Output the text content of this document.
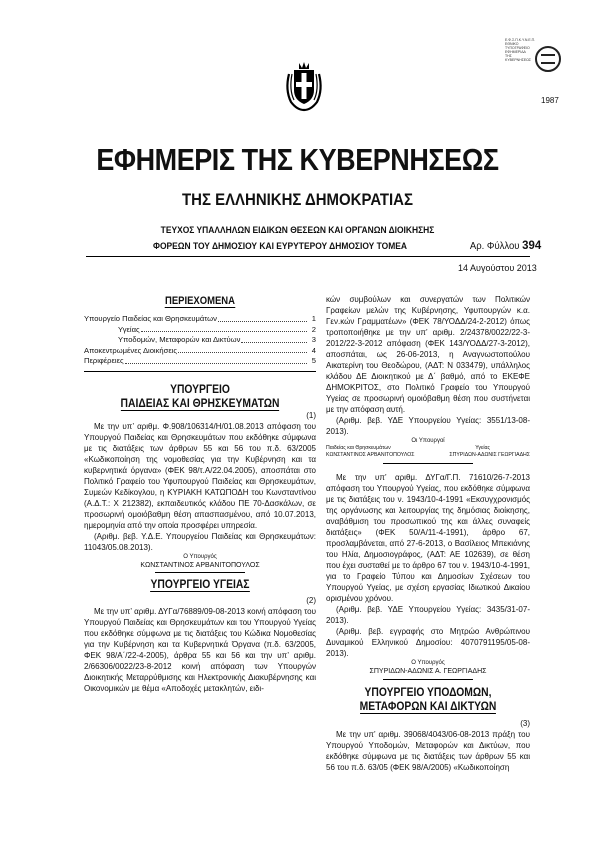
Ε.Φ.Σ.Π.Κ.Υ.Ν.Ε.Π.
ΕΘΝΙΚΟ
ΤΥΠΟΓΡΑΦΕΙΟ
ΕΦΗΜΕΡΙΔΑ
ΤΗΣ
ΚΥΒΕΡΝΗΣΕΩΣ
1987
ΕΦΗΜΕΡΙΣ ΤΗΣ ΚΥΒΕΡΝΗΣΕΩΣ
ΤΗΣ ΕΛΛΗΝΙΚΗΣ ΔΗΜΟΚΡΑΤΙΑΣ
ΤΕΥΧΟΣ ΥΠΑΛΛΗΛΩΝ ΕΙΔΙΚΩΝ ΘΕΣΕΩΝ ΚΑΙ ΟΡΓΑΝΩΝ ΔΙΟΙΚΗΣΗΣ
ΦΟΡΕΩΝ ΤΟΥ ΔΗΜΟΣΙΟΥ ΚΑΙ ΕΥΡΥΤΕΡΟΥ ΔΗΜΟΣΙΟΥ ΤΟΜΕΑ	Αρ. Φύλλου 394
14 Αυγούστου 2013
ΠΕΡΙΕΧΟΜΕΝΑ
Υπουργείο Παιδείας και Θρησκευμάτων	1
Υγείας	2
Υποδομών, Μεταφορών και Δικτύων	3
Αποκεντρωμένες Διοικήσεις	4
Περιφέρειες	5
ΥΠΟΥΡΓΕΙΟ
ΠΑΙΔΕΙΑΣ ΚΑΙ ΘΡΗΣΚΕΥΜΑΤΩΝ
(1)

Με την υπ’ αριθμ. Φ.908/106314/Η/01.08.2013 απόφαση του Υπουργού Παιδείας και Θρησκευμάτων που εκδόθηκε σύμφωνα με τις διατάξεις των άρθρων 55 και 56 του π.δ. 63/2005 «Κωδικοποίηση της νομοθεσίας για την Κυβέρνηση και τα κυβερνητικά όργανα» (ΦΕΚ 98/τ.Α/22.04.2005), αποσπάται στο Πολιτικό Γραφείο του Υφυπουργού Παιδείας και Θρησκευμάτων, Συμεών Κεδίκογλου, η ΚΥΡΙΑΚΗ ΚΑΤΩΠΟΔΗ του Κωνσταντίνου (Α.Δ.Τ.: Χ 212382), εκπαιδευτικός κλάδου ΠΕ 70-Δασκάλων, σε προσωρινή ομοιόβαθμη θέση απασπασμένου, από 10.07.2013, ημερομηνία από την οποία προσφέρει υπηρεσία.

(Αριθμ. βεβ. Υ.Δ.Ε. Υπουργείου Παιδείας και Θρησκευμάτων: 11043/05.08.2013).

Ο Υπουργός
ΚΩΝΣΤΑΝΤΙΝΟΣ ΑΡΒΑΝΙΤΟΠΟΥΛΟΣ
ΥΠΟΥΡΓΕΙΟ ΥΓΕΙΑΣ
(2)

Με την υπ’ αριθμ. ΔΥΓα/76889/09-08-2013 κοινή απόφαση του Υπουργού Παιδείας και Θρησκευμάτων και του Υπουργού Υγείας που εκδόθηκε σύμφωνα με τις διατάξεις του Κώδικα Νομοθεσίας για την Κυβέρνηση και τα Κυβερνητικά Όργανα (π.δ. 63/2005, ΦΕΚ 98/Α΄/22-4-2005), άρθρα 55 και 56 και την υπ’ αριθμ. 2/66306/0022/23-8-2012 κοινή απόφαση των Υπουργών Διοικητικής Μεταρρύθμισης και Ηλεκτρονικής Διακυβέρνησης και Οικονομικών με θέμα «Αποδοχές μετακλητών, ειδι-

κών συμβούλων και συνεργατών των Πολιτικών Γραφείων μελών της Κυβέρνησης, Υφυπουργών κ.α. Γεν.κών Γραμματέων» (ΦΕΚ 78/ΥΟΔΔ/24-2-2012) όπως τροποποιήθηκε με την υπ’ αριθμ. 2/24378/0022/22-3-2012/22-3-2012 απόφαση (ΦΕΚ 143/ΥΟΔΔ/27-3-2012), αποσπάται, ως 26-06-2013, η Αναγνωστοπούλου Αικατερίνη του Θεοδώρου, (ΑΔΤ: Ν 033479), υπάλληλος κλάδου ΔΕ Διοικητικού με Δ΄ βαθμό, από το ΕΚΕΦΕ ΔΗΜΟΚΡΙΤΟΣ, στο Πολιτικό Γραφείο του Υπουργού Υγείας σε προσωρινή ομοιόβαθμη θέση που συστήνεται με την απόφαση αυτή.

(Αριθμ. βεβ. ΥΔΕ Υπουργείου Υγείας: 3551/13-08-2013).

Οι Υπουργοί
Παιδείας και Θρησκευμάτων	Υγείας
ΚΩΝΣΤΑΝΤΙΝΟΣ ΑΡΒΑΝΙΤΟΠΟΥΛΟΣ	ΣΠΥΡΙΔΩΝ-ΑΔΩΝΙΣ ΓΕΩΡΓΙΑΔΗΣ

Με την υπ’ αριθμ. ΔΥΓα/Γ.Π. 71610/26-7-2013 απόφαση του Υπουργού Υγείας, που εκδόθηκε σύμφωνα με τις διατάξεις του ν. 1943/10-4-1991 «Εκσυγχρονισμός της οργάνωσης και λειτουργίας της δημόσιας διοίκησης, αναβάθμιση του προσωπικού της και άλλες συναφείς διατάξεις» (ΦΕΚ 50/Α/11-4-1991), άρθρο 67, προσλαμβάνεται, από 27-6-2013, ο Βασίλειος Μπεκιάνης του Ηλία, Δημοσιογράφος, (ΑΔΤ: ΑΕ 102639), σε θέση που έχει συσταθεί με το άρθρο 67 του ν. 1943/10-4-1991, για το Γραφείο Τύπου και Δημοσίων Σχέσεων του Υπουργού Υγείας, με σχέση εργασίας Ιδιωτικού Δικαίου ορισμένου χρόνου.

(Αριθμ. βεβ. ΥΔΕ Υπουργείου Υγείας: 3435/31-07-2013).

(Αριθμ. βεβ. εγγραφής στο Μητρώο Ανθρώπινου Δυναμικού Ελληνικού Δημοσίου: 4070791195/05-08-2013).

Ο Υπουργός
ΣΠΥΡΙΔΩΝ-ΑΔΩΝΙΣ Α. ΓΕΩΡΓΙΑΔΗΣ
ΥΠΟΥΡΓΕΙΟ ΥΠΟΔΟΜΩΝ,
ΜΕΤΑΦΟΡΩΝ ΚΑΙ ΔΙΚΤΥΩΝ
(3)

Με την υπ’ αριθμ. 39068/4043/06-08-2013 πράξη του Υπουργού Υποδομών, Μεταφορών και Δικτύων, που εκδόθηκε σύμφωνα με τις διατάξεις των άρθρων 55 και 56 του π.δ. 63/05 (ΦΕΚ 98/Α/2005) «Κωδικοποίηση
